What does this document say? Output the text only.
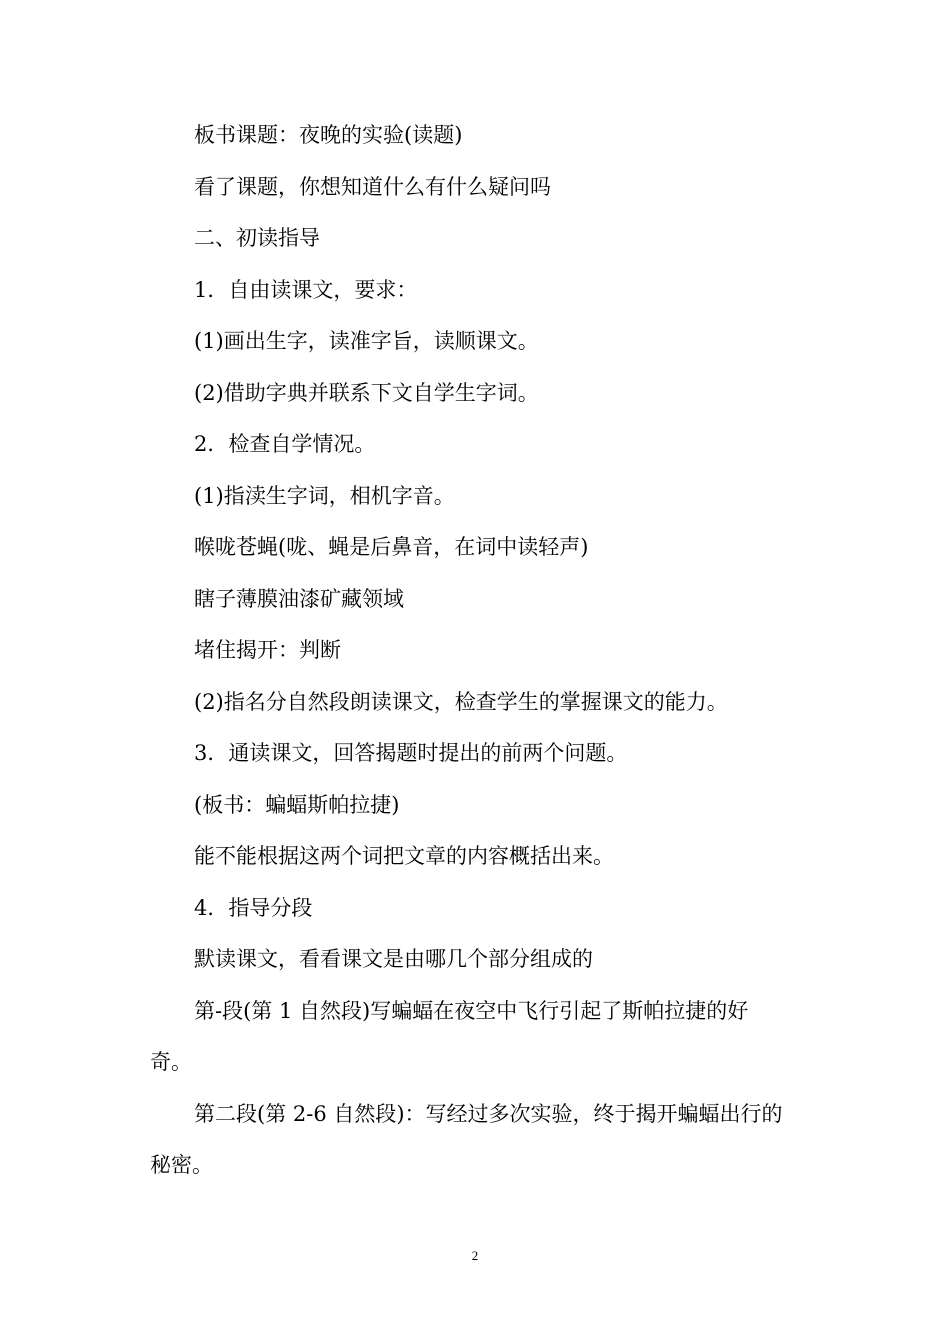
板书课题：夜晚的实验(读题)

看了课题，你想知道什么有什么疑问吗

二、初读指导

1．自由读课文，要求：

(1)画出生字，读准字旨，读顺课文。

(2)借助字典并联系下文自学生字词。

2．检查自学情况。

(1)指渎生字词，相机字音。

喉咙苍蝇(咙、蝇是后鼻音，在词中读轻声)

瞎子薄膜油漆矿藏领域

堵住揭开：判断

(2)指名分自然段朗读课文，检查学生的掌握课文的能力。

3．通读课文，回答揭题时提出的前两个问题。

(板书：蝙蝠斯帕拉捷)

能不能根据这两个词把文章的内容概括出来。

4．指导分段

默读课文，看看课文是由哪几个部分组成的

第-段(第 1 自然段)写蝙蝠在夜空中飞行引起了斯帕拉捷的好奇。

第二段(第 2-6 自然段)：写经过多次实验，终于揭开蝙蝠出行的秘密。

2
